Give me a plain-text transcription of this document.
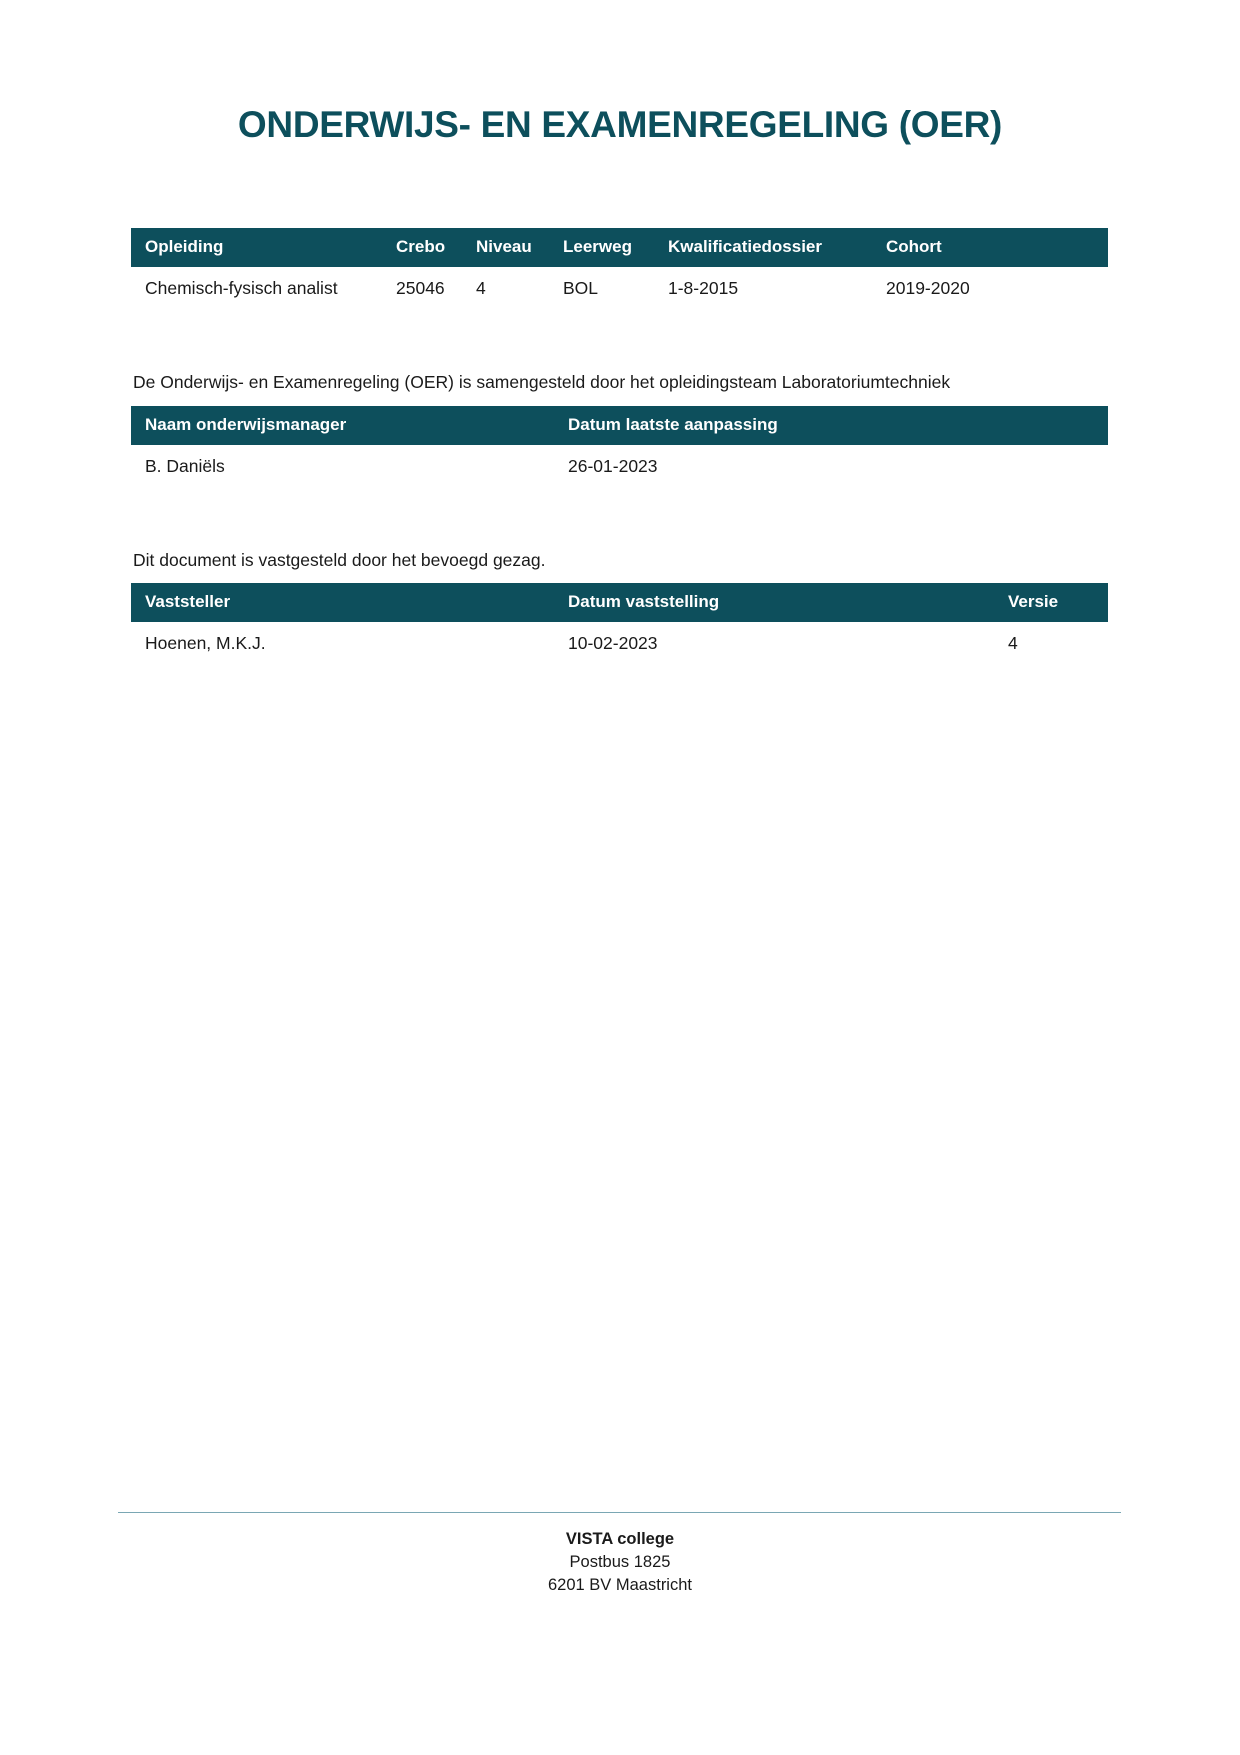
ONDERWIJS- EN EXAMENREGELING (OER)
Opleiding	Crebo	Niveau	Leerweg	Kwalificatiedossier	Cohort
Chemisch-fysisch analist	25046	4	BOL	1-8-2015	2019-2020
De Onderwijs- en Examenregeling (OER) is samengesteld door het opleidingsteam Laboratoriumtechniek
Naam onderwijsmanager	Datum laatste aanpassing
B. Daniëls	26-01-2023
Dit document is vastgesteld door het bevoegd gezag.
Vaststeller	Datum vaststelling	Versie
Hoenen, M.K.J.	10-02-2023	4
VISTA college
Postbus 1825
6201 BV Maastricht
